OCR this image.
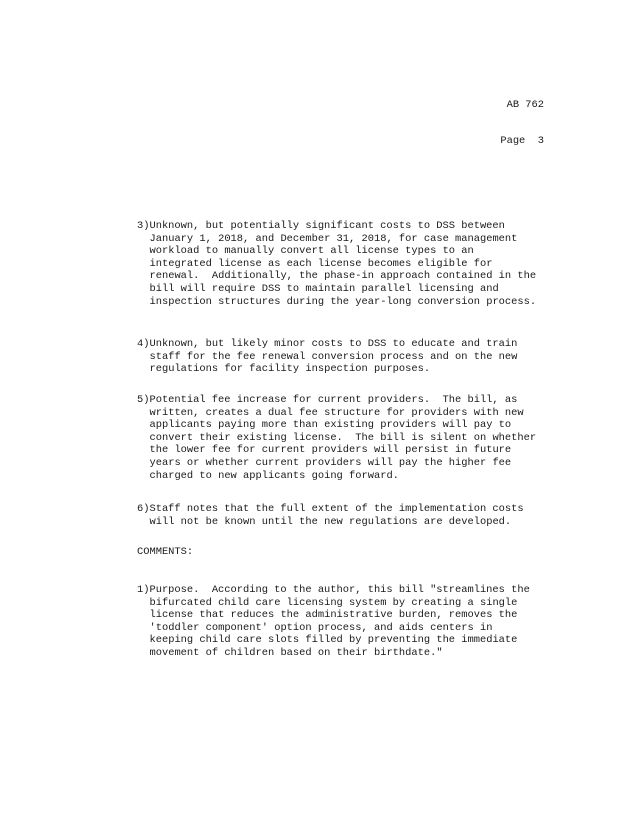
AB 762
Page  3
3)Unknown, but potentially significant costs to DSS between
January 1, 2018, and December 31, 2018, for case management
workload to manually convert all license types to an
integrated license as each license becomes eligible for
renewal.  Additionally, the phase-in approach contained in the
bill will require DSS to maintain parallel licensing and
inspection structures during the year-long conversion process.
4)Unknown, but likely minor costs to DSS to educate and train
staff for the fee renewal conversion process and on the new
regulations for facility inspection purposes.
5)Potential fee increase for current providers.  The bill, as
written, creates a dual fee structure for providers with new
applicants paying more than existing providers will pay to
convert their existing license.  The bill is silent on whether
the lower fee for current providers will persist in future
years or whether current providers will pay the higher fee
charged to new applicants going forward.
6)Staff notes that the full extent of the implementation costs
will not be known until the new regulations are developed.
COMMENTS:
1)Purpose.  According to the author, this bill "streamlines the
bifurcated child care licensing system by creating a single
license that reduces the administrative burden, removes the
'toddler component' option process, and aids centers in
keeping child care slots filled by preventing the immediate
movement of children based on their birthdate."
